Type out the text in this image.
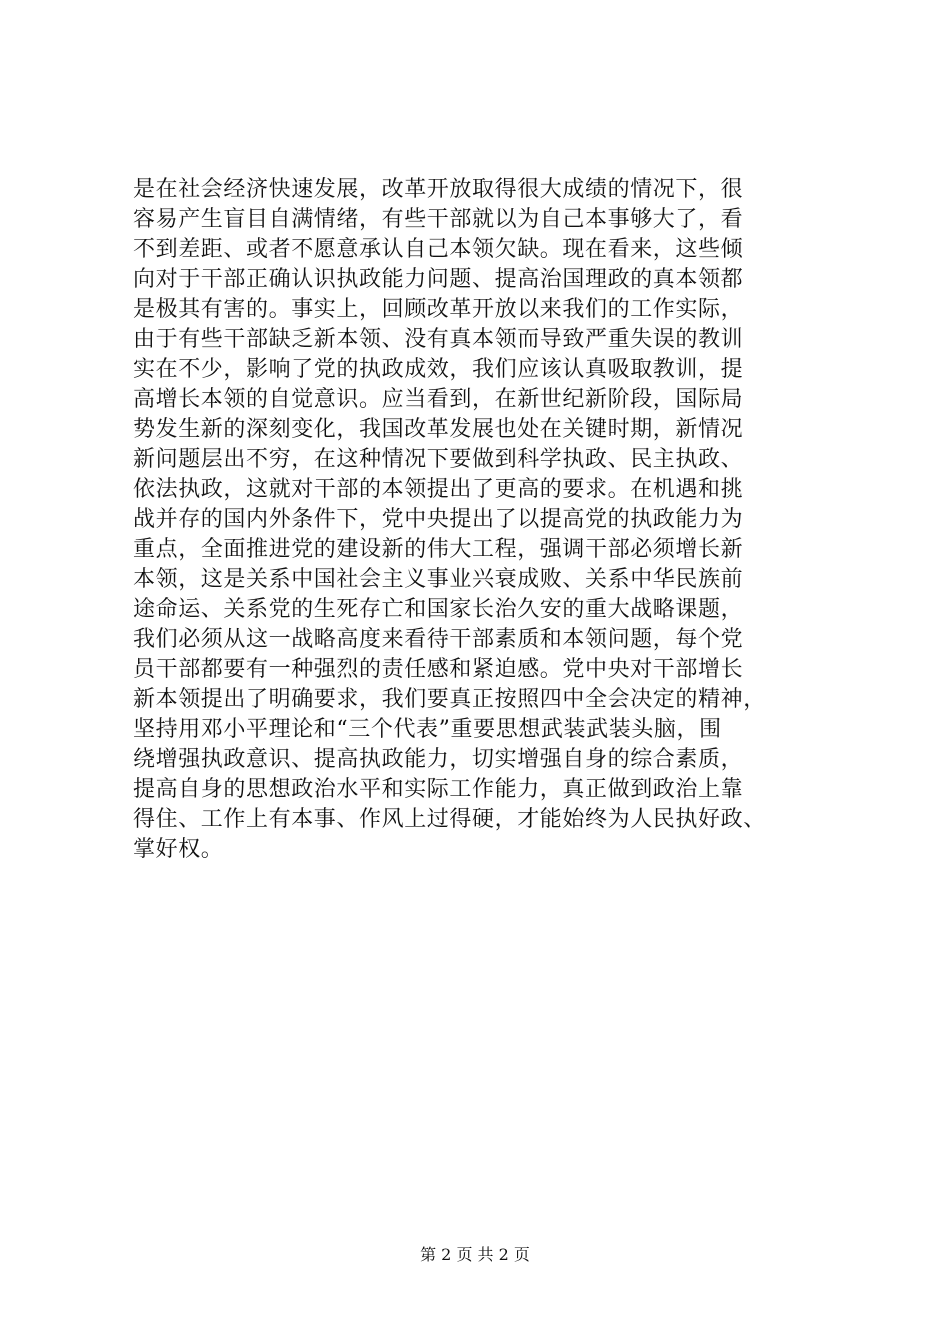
是在社会经济快速发展，改革开放取得很大成绩的情况下，很
容易产生盲目自满情绪，有些干部就以为自己本事够大了，看
不到差距、或者不愿意承认自己本领欠缺。现在看来，这些倾
向对于干部正确认识执政能力问题、提高治国理政的真本领都
是极其有害的。事实上，回顾改革开放以来我们的工作实际，
由于有些干部缺乏新本领、没有真本领而导致严重失误的教训
实在不少，影响了党的执政成效，我们应该认真吸取教训，提
高增长本领的自觉意识。应当看到，在新世纪新阶段，国际局
势发生新的深刻变化，我国改革发展也处在关键时期，新情况
新问题层出不穷，在这种情况下要做到科学执政、民主执政、
依法执政，这就对干部的本领提出了更高的要求。在机遇和挑
战并存的国内外条件下，党中央提出了以提高党的执政能力为
重点，全面推进党的建设新的伟大工程，强调干部必须增长新
本领，这是关系中国社会主义事业兴衰成败、关系中华民族前
途命运、关系党的生死存亡和国家长治久安的重大战略课题，
我们必须从这一战略高度来看待干部素质和本领问题，每个党
员干部都要有一种强烈的责任感和紧迫感。党中央对干部增长
新本领提出了明确要求，我们要真正按照四中全会决定的精神，
坚持用邓小平理论和“三个代表”重要思想武装武装头脑，围
绕增强执政意识、提高执政能力，切实增强自身的综合素质，
提高自身的思想政治水平和实际工作能力，真正做到政治上靠
得住、工作上有本事、作风上过得硬，才能始终为人民执好政、
掌好权。
第 2 页 共 2 页
